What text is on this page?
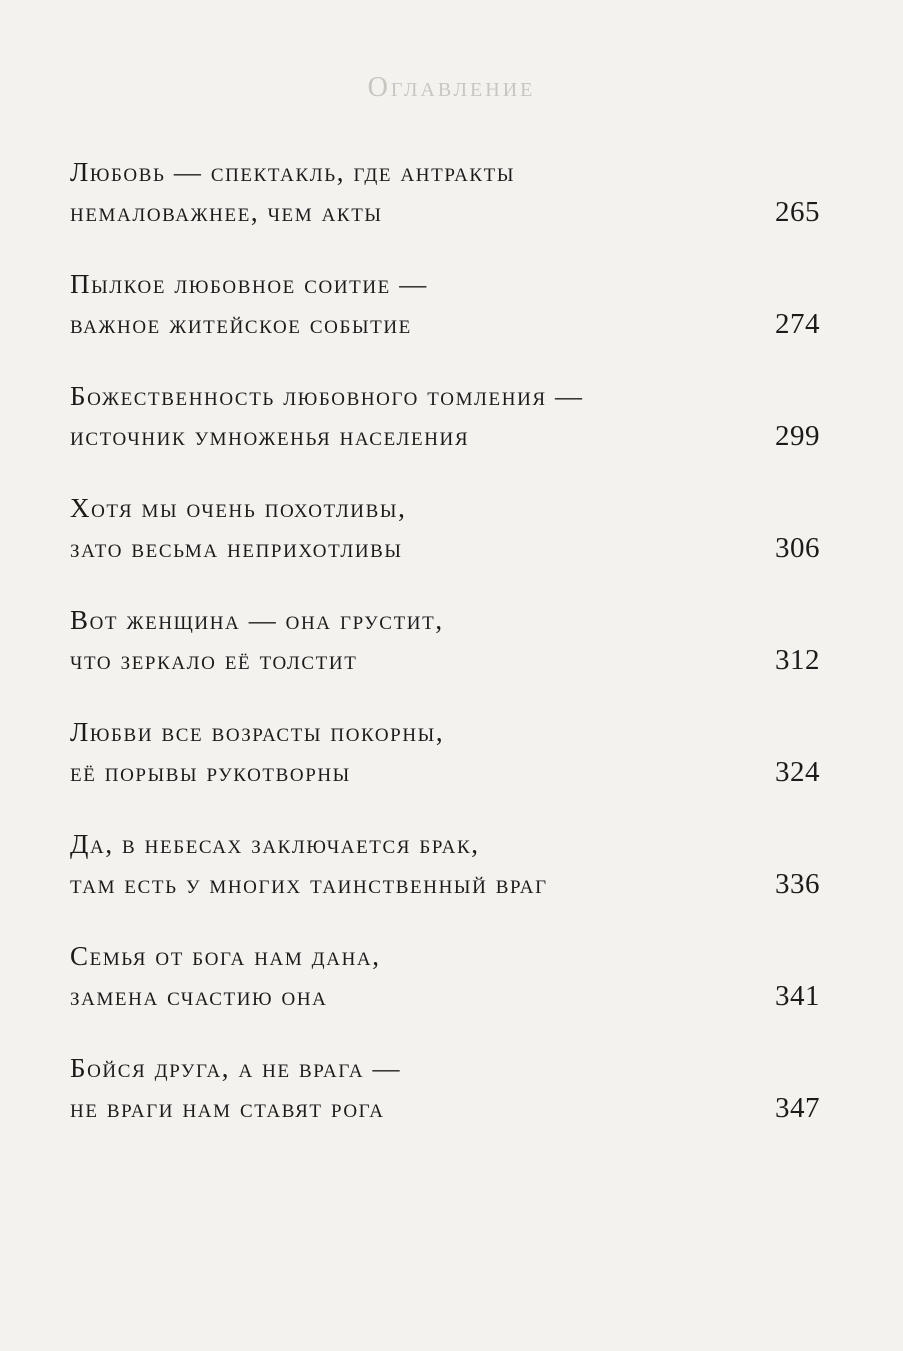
Оглавление
Любовь — спектакль, где антракты
немаловажнее, чем акты	265
Пылкое любовное соитие —
важное житейское событие	274
Божественность любовного томления —
источник умноженья населения	299
Хотя мы очень похотливы,
зато весьма неприхотливы	306
Вот женщина — она грустит,
что зеркало её толстит	312
Любви все возрасты покорны,
её порывы рукотворны	324
Да, в небесах заключается брак,
там есть у многих таинственный враг	336
Семья от бога нам дана,
замена счастию она	341
Бойся друга, а не врага —
не враги нам ставят рога	347
